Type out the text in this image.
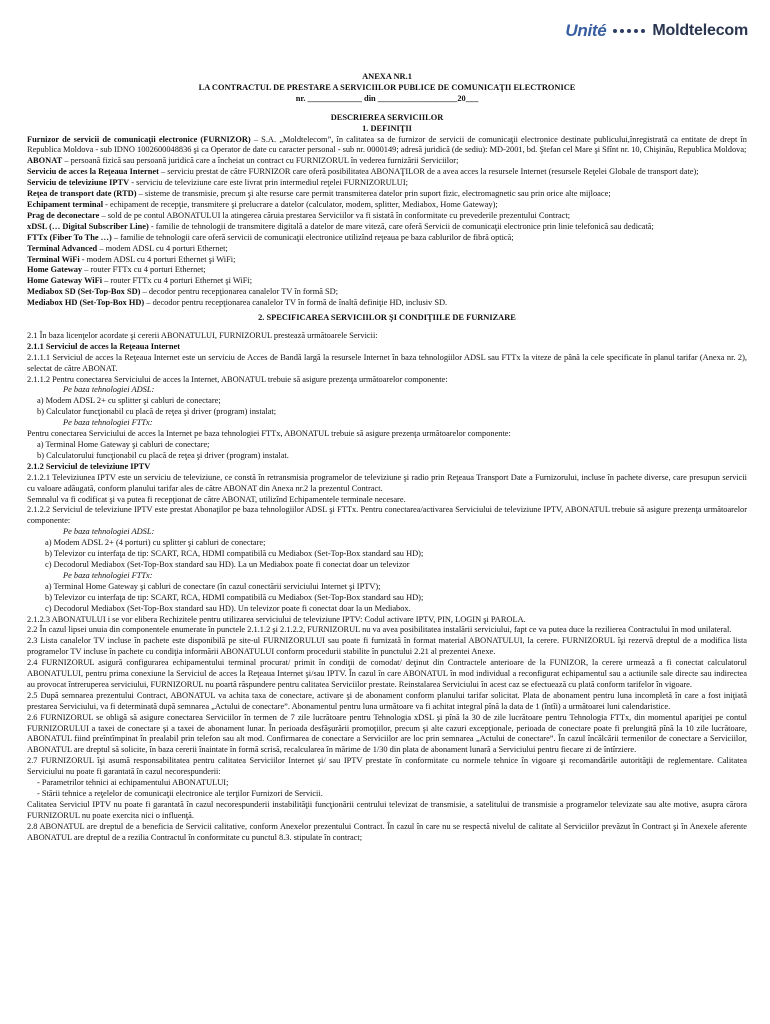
Unité	Moldtelecom
ANEXA NR.1
LA CONTRACTUL DE PRESTARE A SERVICIILOR PUBLICE DE COMUNICAŢII ELECTRONICE
nr. _____________ din ___________________20___
DESCRIEREA SERVICIILOR
1. DEFINIŢII
Furnizor de servicii de comunicaţii electronice (FURNIZOR) – S.A. „Moldtelecom”, în calitatea sa de furnizor de servicii de comunicaţii electronice destinate publicului,înregistrată ca entitate de drept în Republica Moldova - sub IDNO 1002600048836 şi ca Operator de date cu caracter personal - sub nr. 0000149; adresă juridică (de sediu): MD-2001, bd. Ştefan cel Mare şi Sfînt nr. 10, Chişinău, Republica Moldova;
ABONAT – persoană fizică sau persoană juridică care a încheiat un contract cu FURNIZORUL în vederea furnizării Serviciilor;
Serviciu de acces la Reţeaua Internet – serviciu prestat de către FURNIZOR care oferă posibilitatea ABONAŢILOR de a avea acces la resursele Internet (resursele Reţelei Globale de transport date);
Serviciu de televiziune IPTV - serviciu de televiziune care este livrat prin intermediul reţelei FURNIZORULUI;
Reţea de transport date (RTD) – sisteme de transmisie, precum şi alte resurse care permit transmiterea datelor prin suport fizic, electromagnetic sau prin orice alte mijloace;
Echipament terminal - echipament de recepţie, transmitere şi prelucrare a datelor (calculator, modem, splitter, Mediabox, Home Gateway);
Prag de deconectare – sold de pe contul ABONATULUI la atingerea căruia prestarea Serviciilor va fi sistată în conformitate cu prevederile prezentului Contract;
xDSL (… Digital Subscriber Line) - familie de tehnologii de transmitere digitală a datelor de mare viteză, care oferă Servicii de comunicaţii electronice prin linie telefonică sau dedicată;
FTTx (Fiber To The …) – familie de tehnologii care oferă servicii de comunicaţii electronice utilizînd reţeaua pe baza cablurilor de fibră optică;
Terminal Advanced – modem ADSL cu 4 porturi Ethernet;
Terminal WiFi - modem ADSL cu 4 porturi Ethernet şi WiFi;
Home Gateway – router FTTx cu 4 porturi Ethernet;
Home Gateway WiFi – router FTTx cu 4 porturi Ethernet şi WiFi;
Mediabox SD (Set-Top-Box SD) – decodor pentru recepţionarea canalelor TV în formă SD;
Mediabox HD (Set-Top-Box HD) – decodor pentru recepţionarea canalelor TV în formă de înaltă definiţie HD, inclusiv SD.
2. SPECIFICAREA SERVICIILOR ŞI CONDIŢIILE DE FURNIZARE
2.1 În baza licenţelor acordate şi cererii ABONATULUI, FURNIZORUL prestează următoarele Servicii:
2.1.1 Serviciul de acces la Reţeaua Internet
2.1.1.1 Serviciul de acces la Reţeaua Internet este un serviciu de Acces de Bandă largă la resursele Internet în baza tehnologiilor ADSL sau FTTx la viteze de până la cele specificate în planul tarifar (Anexa nr. 2), selectat de către ABONAT.
2.1.1.2 Pentru conectarea Serviciului de acces la Internet, ABONATUL trebuie să asigure prezenţa următoarelor componente:
Pe baza tehnologiei ADSL:
a) Modem ADSL 2+ cu splitter şi cabluri de conectare;
b) Calculator funcţionabil cu placă de reţea şi driver (program) instalat;
Pe baza tehnologiei FTTx:
Pentru conectarea Serviciului de acces la Internet pe baza tehnologiei FTTx, ABONATUL trebuie să asigure prezenţa următoarelor componente:
a) Terminal Home Gateway şi cabluri de conectare;
b) Calculatorului funcţionabil cu placă de reţea şi driver (program) instalat.
2.1.2 Serviciul de televiziune IPTV
2.1.2.1 Televiziunea IPTV este un serviciu de televiziune, ce constă în retransmisia programelor de televiziune şi radio prin Reţeaua Transport Date a Furnizorului, incluse în pachete diverse, care presupun servicii cu valoare adăugată, conform planului tarifar ales de către ABONAT din Anexa nr.2 la prezentul Contract.
Semnalul va fi codificat şi va putea fi recepţionat de către ABONAT, utilizînd Echipamentele terminale necesare.
2.1.2.2 Serviciul de televiziune IPTV este prestat Abonaţilor pe baza tehnologiilor ADSL şi FTTx. Pentru conectarea/activarea Serviciului de televiziune IPTV, ABONATUL trebuie să asigure prezenţa următoarelor componente:
Pe baza tehnologiei ADSL:
a) Modem ADSL 2+ (4 porturi) cu splitter şi cabluri de conectare;
b) Televizor cu interfaţa de tip: SCART, RCA, HDMI compatibilă cu Mediabox (Set-Top-Box standard sau HD);
c) Decodorul Mediabox (Set-Top-Box standard sau HD). La un Mediabox poate fi conectat doar un televizor
Pe baza tehnologiei FTTx:
a) Terminal Home Gateway şi cabluri de conectare (în cazul conectării serviciului Internet şi IPTV);
b) Televizor cu interfaţa de tip: SCART, RCA, HDMI compatibilă cu Mediabox (Set-Top-Box standard sau HD);
c) Decodorul Mediabox (Set-Top-Box standard sau HD). Un televizor poate fi conectat doar la un Mediabox.
2.1.2.3 ABONATULUI i se vor elibera Rechizitele pentru utilizarea serviciului de televiziune IPTV: Codul activare IPTV, PIN, LOGIN şi PAROLA.
2.2 În cazul lipsei unuia din componentele enumerate în punctele 2.1.1.2 şi 2.1.2.2, FURNIZORUL nu va avea posibilitatea instalării serviciului, fapt ce va putea duce la rezilierea Contractului în mod unilateral.
2.3 Lista canalelor TV incluse în pachete este disponibilă pe site-ul FURNIZORULUI sau poate fi furnizată în format material ABONATULUI, la cerere. FURNIZORUL îşi rezervă dreptul de a modifica lista programelor TV incluse în pachete cu condiţia informării ABONATULUI conform procedurii stabilite în punctului 2.21 al prezentei Anexe.
2.4 FURNIZORUL asigură configurarea echipamentului terminal procurat/ primit în condiţii de comodat/ deţinut din Contractele anterioare de la FUNIZOR, la cerere urmează a fi conectat calculatorul ABONATULUI, pentru prima conexiune la Serviciul de acces la Reţeaua Internet şi/sau IPTV. În cazul în care ABONATUL în mod individual a reconfigurat echipamentul sau a actiunile sale directe sau indirectea au provocat întreruperea serviciului, FURNIZORUL nu poartă răspundere pentru calitatea Serviciilor prestate. Reinstalarea Serviciului în acest caz se efectuează cu plată conform tarifelor în vigoare.
2.5 După semnarea prezentului Contract, ABONATUL va achita taxa de conectare, activare şi de abonament conform planului tarifar solicitat. Plata de abonament pentru luna incompletă în care a fost iniţiată prestarea Serviciului, va fi determinată după semnarea „Actului de conectare”. Abonamentul pentru luna următoare va fi achitat integral pînă la data de 1 (întîi) a următoarei luni calendaristice.
2.6 FURNIZORUL se obligă să asigure conectarea Serviciilor în termen de 7 zile lucrătoare pentru Tehnologia xDSL şi pînă la 30 de zile lucrătoare pentru Tehnologia FTTx, din momentul apariţiei pe contul FURNIZORULUI a taxei de conectare şi a taxei de abonament lunar. În perioada desfăşurării promoţiilor, precum şi alte cazuri excepţionale, perioada de conectare poate fi prelungită pînă la 10 zile lucrătoare, ABONATUL fiind preîntîmpinat în prealabil prin telefon sau alt mod. Confirmarea de conectare a Serviciilor are loc prin semnarea „Actului de conectare”. În cazul încălcării termenilor de conectare a Serviciilor, ABONATUL are dreptul să solicite, în baza cererii înaintate în formă scrisă, recalcularea în mărime de 1/30 din plata de abonament lunară a Serviciului pentru fiecare zi de întîrziere.
2.7 FURNIZORUL îşi asumă responsabilitatea pentru calitatea Serviciilor Internet şi/ sau IPTV prestate în conformitate cu normele tehnice în vigoare şi recomandările autorităţii de reglementare. Calitatea Serviciului nu poate fi garantată în cazul necorespunderii:
- Parametrilor tehnici ai echipamentului ABONATULUI;
- Stării tehnice a reţelelor de comunicaţii electronice ale terţilor Furnizori de Servicii.
Calitatea Serviciul IPTV nu poate fi garantată în cazul necorespunderii instabilităţii funcţionării centrului televizat de transmisie, a satelitului de transmisie a programelor televizate sau alte motive, asupra cărora FURNIZORUL nu poate exercita nici o influenţă.
2.8 ABONATUL are dreptul de a beneficia de Servicii calitative, conform Anexelor prezentului Contract. În cazul în care nu se respectă nivelul de calitate al Serviciilor prevăzut în Contract şi în Anexele aferente ABONATUL are dreptul de a rezilia Contractul în conformitate cu punctul 8.3. stipulate în contract;
